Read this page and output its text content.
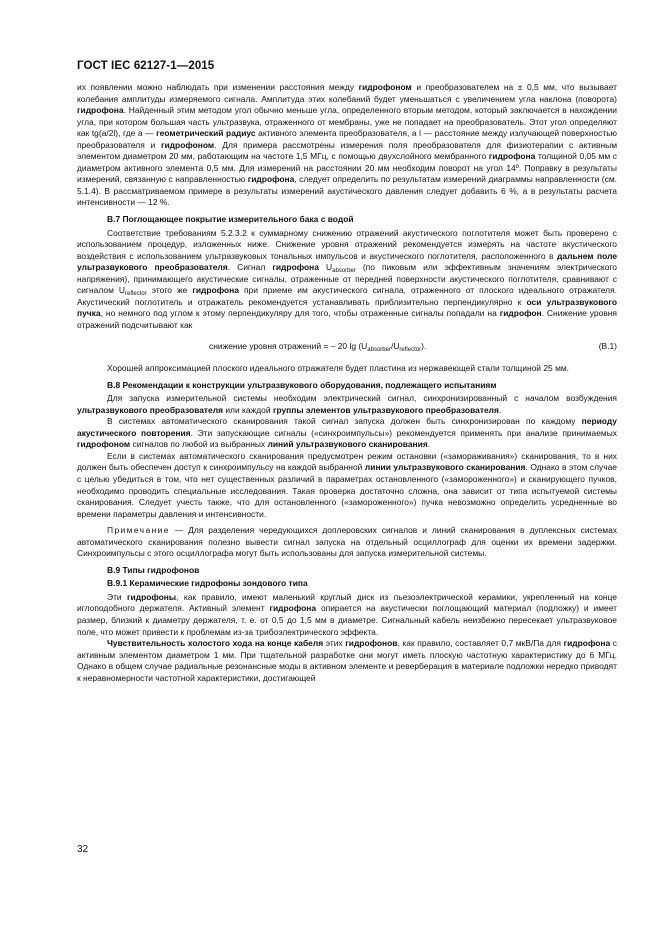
ГОСТ IEC 62127-1—2015

их появлении можно наблюдать при изменении расстояния между гидрофоном и преобразователем на ± 0,5 мм, что вызывает колебания амплитуды измеряемого сигнала. Амплитуда этих колебаний будет уменьшаться с увеличением угла наклона (поворота) гидрофона. Найденный этим методом угол обычно меньше угла, определенного вторым методом, который заключается в нахождении угла, при котором большая часть ультразвука, отраженного от мембраны, уже не попадает на преобразователь. Этот угол определяют как tg(a/2l), где a — геометрический радиус активного элемента преобразователя, а l — расстояние между излучающей поверхностью преобразователя и гидрофоном. Для примера рассмотрены измерения поля преобразователя для физиотерапии с активным элементом диаметром 20 мм, работающим на частоте 1,5 МГц, с помощью двухслойного мембранного гидрофона толщиной 0,05 мм с диаметром активного элемента 0,5 мм. Для измерений на расстоянии 20 мм необходим поворот на угол 14º. Поправку в результаты измерений, связанную с направленностью гидрофона, следует определить по результатам измерений диаграммы направленности (см. 5.1.4). В рассматриваемом примере в результаты измерений акустического давления следует добавить 6 %, а в результаты расчета интенсивности — 12 %.

В.7 Поглощающее покрытие измерительного бака с водой

Соответствие требованиям 5.2.3.2 к суммарному снижению отражений акустического поглотителя может быть проверено с использованием процедур, изложенных ниже. Снижение уровня отражений рекомендуется измерять на частоте акустического воздействия с использованием ультразвуковых тональных импульсов и акустического поглотителя, расположенного в дальнем поле ультразвукового преобразователя. Сигнал гидрофона $U_{absorber}$ (по пиковым или эффективным значениям электрического напряжения), принимающего акустические сигналы, отраженные от передней поверхности акустического поглотителя, сравнивают с сигналом $U_{reflector}$ этого же гидрофона при приеме им акустического сигнала, отраженного от плоского идеального отражателя. Акустический поглотитель и отражатель рекомендуется устанавливать приблизительно перпендикулярно к оси ультразвукового пучка, но немного под углом к этому перпендикуляру для того, чтобы отраженные сигналы попадали на гидрофон. Снижение уровня отражений подсчитывают как

снижение уровня отражений = – 20 $\lg (U_{absorber}/U_{reflector})$.	(В.1)

Хорошей аппроксимацией плоского идеального отражателя будет пластина из нержавеющей стали толщиной 25 мм.

В.8 Рекомендации к конструкции ультразвукового оборудования, подлежащего испытаниям

Для запуска измерительной системы необходим электрический сигнал, синхронизированный с началом возбуждения ультразвукового преобразователя или каждой группы элементов ультразвукового преобразователя.

В системах автоматического сканирования такой сигнал запуска должен быть синхронизирован по каждому периоду акустического повторения. Эти запускающие сигналы («синхроимпульсы») рекомендуется применять при анализе принимаемых гидрофоном сигналов по любой из выбранных линий ультразвукового сканирования.

Если в системах автоматического сканирования предусмотрен режим остановки («замораживания») сканирования, то в них должен быть обеспечен доступ к синхроимпульсу на каждой выбранной линии ультразвукового сканирования. Однако в этом случае с целью убедиться в том, что нет существенных различий в параметрах остановленного («замороженного») и сканирующего пучков, необходимо проводить специальные исследования. Такая проверка достаточно сложна, она зависит от типа испытуемой системы сканирования. Следует учесть также, что для остановленного («замороженного») пучка невозможно определить усредненные во времени параметры давления и интенсивности.

Примечание — Для разделения чередующихся доплеровских сигналов и линий сканирования в дуплексных системах автоматического сканирования полезно вывести сигнал запуска на отдельный осциллограф для оценки их времени задержки. Синхроимпульсы с этого осциллографа могут быть использованы для запуска измерительной системы.

В.9 Типы гидрофонов
В.9.1 Керамические гидрофоны зондового типа

Эти гидрофоны, как правило, имеют маленький круглый диск из пьезоэлектрической керамики, укрепленный на конце иглоподобного держателя. Активный элемент гидрофона опирается на акустически поглощающий материал (подложку) и имеет размер, близкий к диаметру держателя, т. е. от 0,5 до 1,5 мм в диаметре. Сигнальный кабель неизбежно пересекает ультразвуковое поле, что может привести к проблемам из-за трибоэлектрического эффекта.

Чувствительность холостого хода на конце кабеля этих гидрофонов, как правило, составляет 0,7 мкВ/Па для гидрофона с активным элементом диаметром 1 мм. При тщательной разработке они могут иметь плоскую частотную характеристику до 6 МГц. Однако в общем случае радиальные резонансные моды в активном элементе и реверберация в материале подложки нередко приводят к неравномерности частотной характеристики, достигающей

32
